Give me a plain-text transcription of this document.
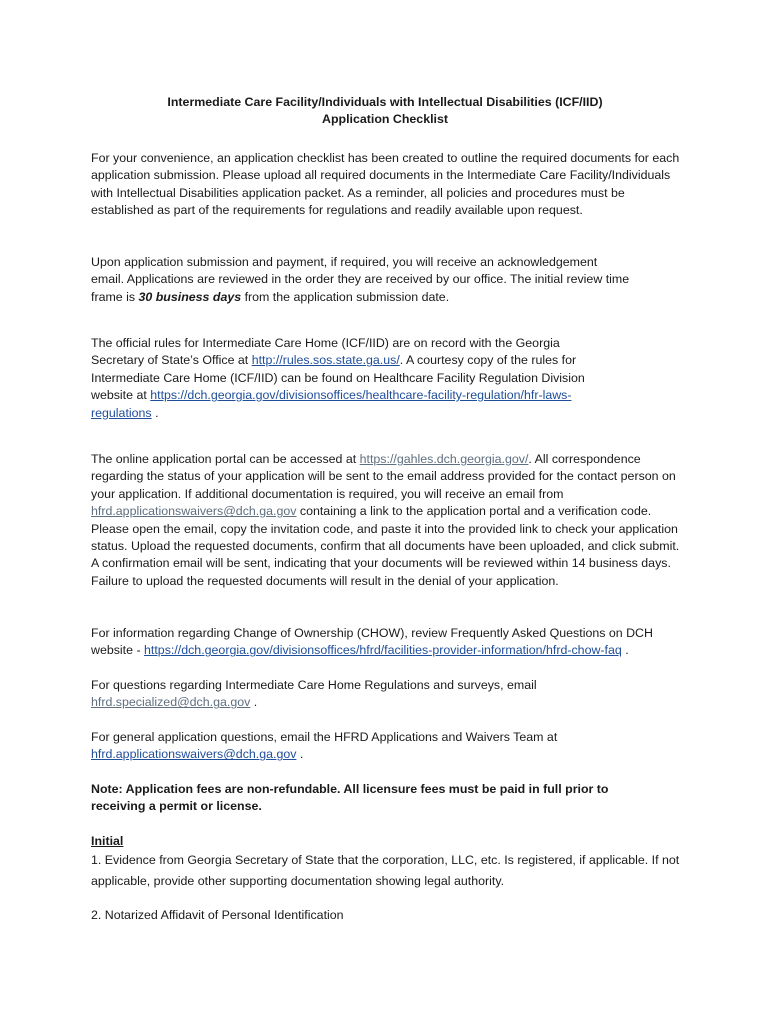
Intermediate Care Facility/Individuals with Intellectual Disabilities (ICF/IID)
Application Checklist

For your convenience, an application checklist has been created to outline the required documents for each application submission. Please upload all required documents in the Intermediate Care Facility/Individuals with Intellectual Disabilities application packet. As a reminder, all policies and procedures must be established as part of the requirements for regulations and readily available upon request.

Upon application submission and payment, if required, you will receive an acknowledgement email. Applications are reviewed in the order they are received by our office. The initial review time frame is 30 business days from the application submission date.

The official rules for Intermediate Care Home (ICF/IID) are on record with the Georgia Secretary of State’s Office at http://rules.sos.state.ga.us/. A courtesy copy of the rules for Intermediate Care Home (ICF/IID) can be found on Healthcare Facility Regulation Division website at https://dch.georgia.gov/divisionsoffices/healthcare-facility-regulation/hfr-laws-regulations .

The online application portal can be accessed at https://gahles.dch.georgia.gov/. All correspondence regarding the status of your application will be sent to the email address provided for the contact person on your application. If additional documentation is required, you will receive an email from hfrd.applicationswaivers@dch.ga.gov containing a link to the application portal and a verification code. Please open the email, copy the invitation code, and paste it into the provided link to check your application status. Upload the requested documents, confirm that all documents have been uploaded, and click submit. A confirmation email will be sent, indicating that your documents will be reviewed within 14 business days. Failure to upload the requested documents will result in the denial of your application.

For information regarding Change of Ownership (CHOW), review Frequently Asked Questions on DCH website - https://dch.georgia.gov/divisionsoffices/hfrd/facilities-provider-information/hfrd-chow-faq .

For questions regarding Intermediate Care Home Regulations and surveys, email hfrd.specialized@dch.ga.gov .

For general application questions, email the HFRD Applications and Waivers Team at hfrd.applicationswaivers@dch.ga.gov .

Note: Application fees are non-refundable. All licensure fees must be paid in full prior to receiving a permit or license.

Initial

1. Evidence from Georgia Secretary of State that the corporation, LLC, etc. Is registered, if applicable. If not applicable, provide other supporting documentation showing legal authority.

2. Notarized Affidavit of Personal Identification
